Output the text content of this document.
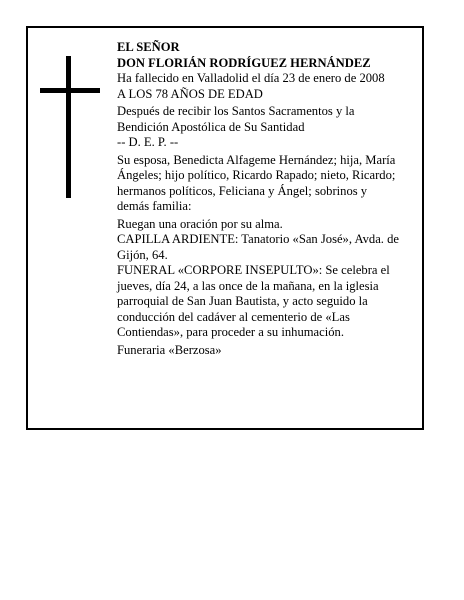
EL SEÑOR

DON FLORIÁN RODRÍGUEZ HERNÁNDEZ

Ha fallecido en Valladolid el día 23 de enero de 2008

A LOS 78 AÑOS DE EDAD

Después de recibir los Santos Sacramentos y la

Bendición Apostólica de Su Santidad

-- D. E. P. --

Su esposa, Benedicta Alfageme Hernández; hija, María

Ángeles; hijo político, Ricardo Rapado; nieto, Ricardo;

hermanos políticos, Feliciana y Ángel; sobrinos y

demás familia:

Ruegan una oración por su alma.

CAPILLA ARDIENTE: Tanatorio «San José», Avda. de

Gijón, 64.

FUNERAL «CORPORE INSEPULTO»: Se celebra el

jueves, día 24, a las once de la mañana, en la iglesia

parroquial de San Juan Bautista, y acto seguido la

conducción del cadáver al cementerio de «Las

Contiendas», para proceder a su inhumación.

Funeraria «Berzosa»
